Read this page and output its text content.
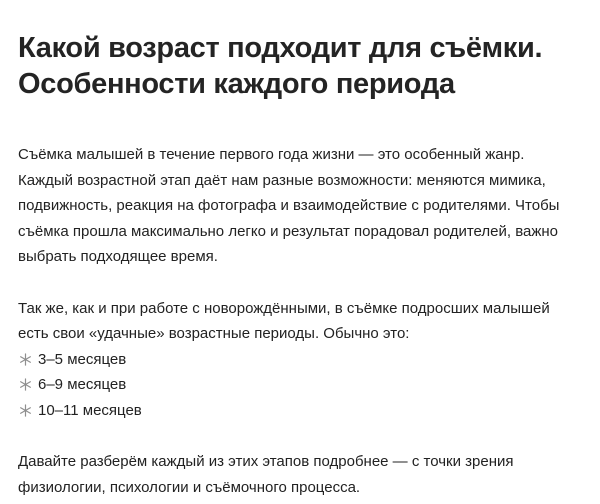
Какой возраст подходит для съёмки. Особенности каждого периода

Съёмка малышей в течение первого года жизни — это особенный жанр. Каждый возрастной этап даёт нам разные возможности: меняются мимика, подвижность, реакция на фотографа и взаимодействие с родителями. Чтобы съёмка прошла максимально легко и результат порадовал родителей, важно выбрать подходящее время.

Так же, как и при работе с новорождёнными, в съёмке подросших малышей есть свои «удачные» возрастные периоды. Обычно это:

3–5 месяцев
6–9 месяцев
10–11 месяцев

Давайте разберём каждый из этих этапов подробнее — с точки зрения физиологии, психологии и съёмочного процесса.
